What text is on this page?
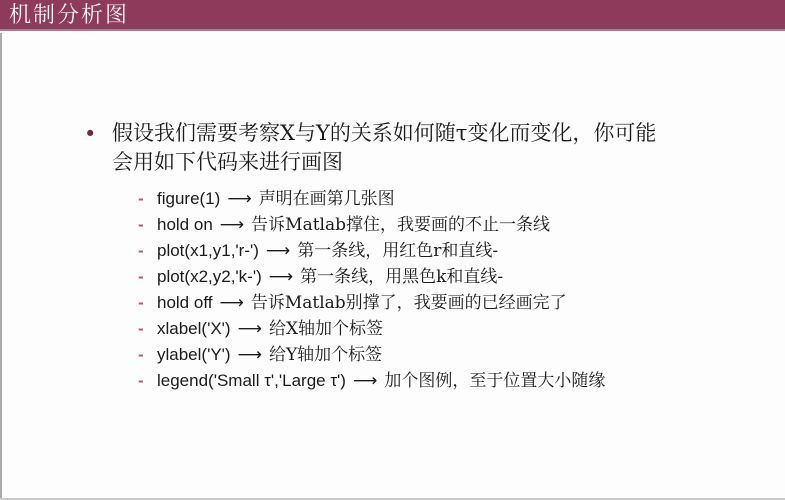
机制分析图
• 假设我们需要考察X与Y的关系如何随τ变化而变化，你可能
会用如下代码来进行画图
- figure(1) ⟶ 声明在画第几张图
- hold on ⟶ 告诉Matlab撑住，我要画的不止一条线
- plot(x1,y1,'r-') ⟶ 第一条线，用红色r和直线-
- plot(x2,y2,'k-') ⟶ 第一条线，用黑色k和直线-
- hold off ⟶ 告诉Matlab别撑了，我要画的已经画完了
- xlabel('X') ⟶ 给X轴加个标签
- ylabel('Y') ⟶ 给Y轴加个标签
- legend('Small τ','Large τ') ⟶ 加个图例，至于位置大小随缘
